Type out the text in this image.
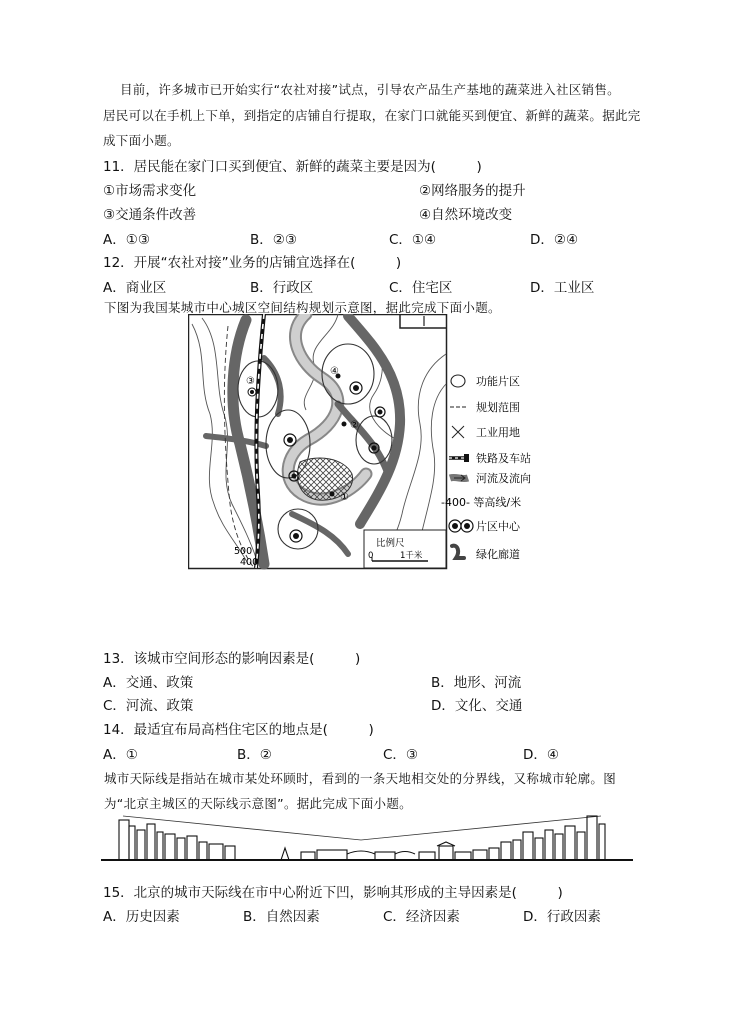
目前，许多城市已开始实行“农社对接”试点，引导农产品生产基地的蔬菜进入社区销售。
居民可以在手机上下单，到指定的店铺自行提取，在家门口就能买到便宜、新鲜的蔬菜。据此完
成下面小题。
11．居民能在家门口买到便宜、新鲜的蔬菜主要是因为(　　　)
①市场需求变化	②网络服务的提升
③交通条件改善	④自然环境改变
A．①③	B．②③	C．①④	D．②④
12．开展“农社对接”业务的店铺宜选择在(　　　)
A．商业区	B．行政区	C．住宅区	D．工业区
下图为我国某城市中心城区空间结构规划示意图，据此完成下面小题。
①
②
③
④
500
400
比例尺
0	1千米
功能片区
规划范围
工业用地
铁路及车站
河流及流向
-400- 等高线/米
片区中心
绿化廊道
13．该城市空间形态的影响因素是(　　　)
A．交通、政策	B．地形、河流
C．河流、政策	D．文化、交通
14．最适宜布局高档住宅区的地点是(　　　)
A．①	B．②	C．③	D．④
城市天际线是指站在城市某处环顾时，看到的一条天地相交处的分界线，又称城市轮廓。图
为“北京主城区的天际线示意图”。据此完成下面小题。
15．北京的城市天际线在市中心附近下凹，影响其形成的主导因素是(　　　)
A．历史因素	B．自然因素	C．经济因素	D．行政因素
